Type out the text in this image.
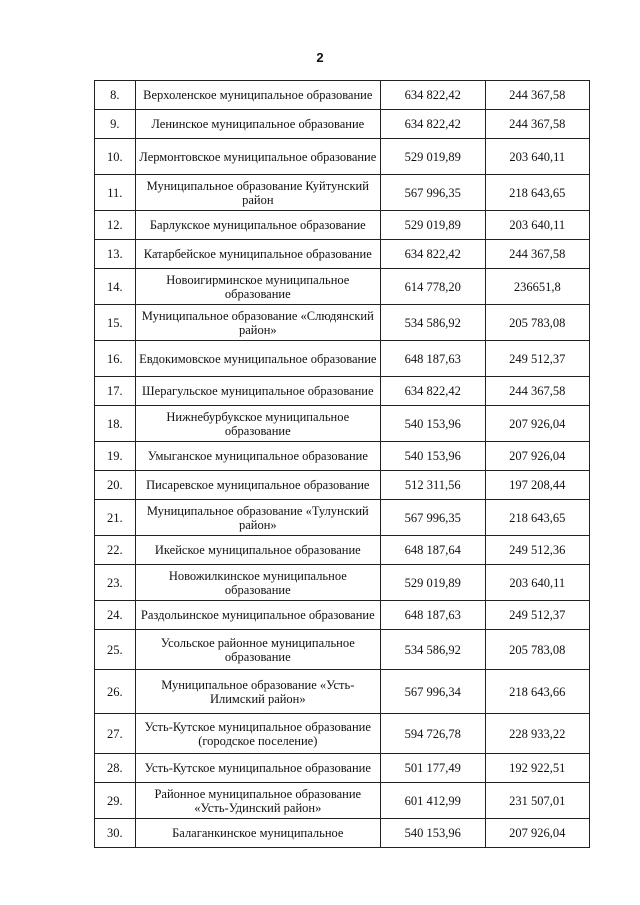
2
8.	Верхоленское муниципальное образование	634 822,42	244 367,58
9.	Ленинское муниципальное образование	634 822,42	244 367,58
10.	Лермонтовское муниципальное образование	529 019,89	203 640,11
11.	Муниципальное образование Куйтунский район	567 996,35	218 643,65
12.	Барлукское муниципальное образование	529 019,89	203 640,11
13.	Катарбейское муниципальное образование	634 822,42	244 367,58
14.	Новоигирминское муниципальное образование	614 778,20	236651,8
15.	Муниципальное образование «Слюдянский район»	534 586,92	205 783,08
16.	Евдокимовское муниципальное образование	648 187,63	249 512,37
17.	Шерагульское муниципальное образование	634 822,42	244 367,58
18.	Нижнебурбукское муниципальное образование	540 153,96	207 926,04
19.	Умыганское муниципальное образование	540 153,96	207 926,04
20.	Писаревское муниципальное образование	512 311,56	197 208,44
21.	Муниципальное образование «Тулунский район»	567 996,35	218 643,65
22.	Икейское муниципальное образование	648 187,64	249 512,36
23.	Новожилкинское муниципальное образование	529 019,89	203 640,11
24.	Раздольинское муниципальное образование	648 187,63	249 512,37
25.	Усольское районное муниципальное образование	534 586,92	205 783,08
26.	Муниципальное образование «Усть-Илимский район»	567 996,34	218 643,66
27.	Усть-Кутское муниципальное образование (городское поселение)	594 726,78	228 933,22
28.	Усть-Кутское муниципальное образование	501 177,49	192 922,51
29.	Районное муниципальное образование «Усть-Удинский район»	601 412,99	231 507,01
30.	Балаганкинское муниципальное	540 153,96	207 926,04
